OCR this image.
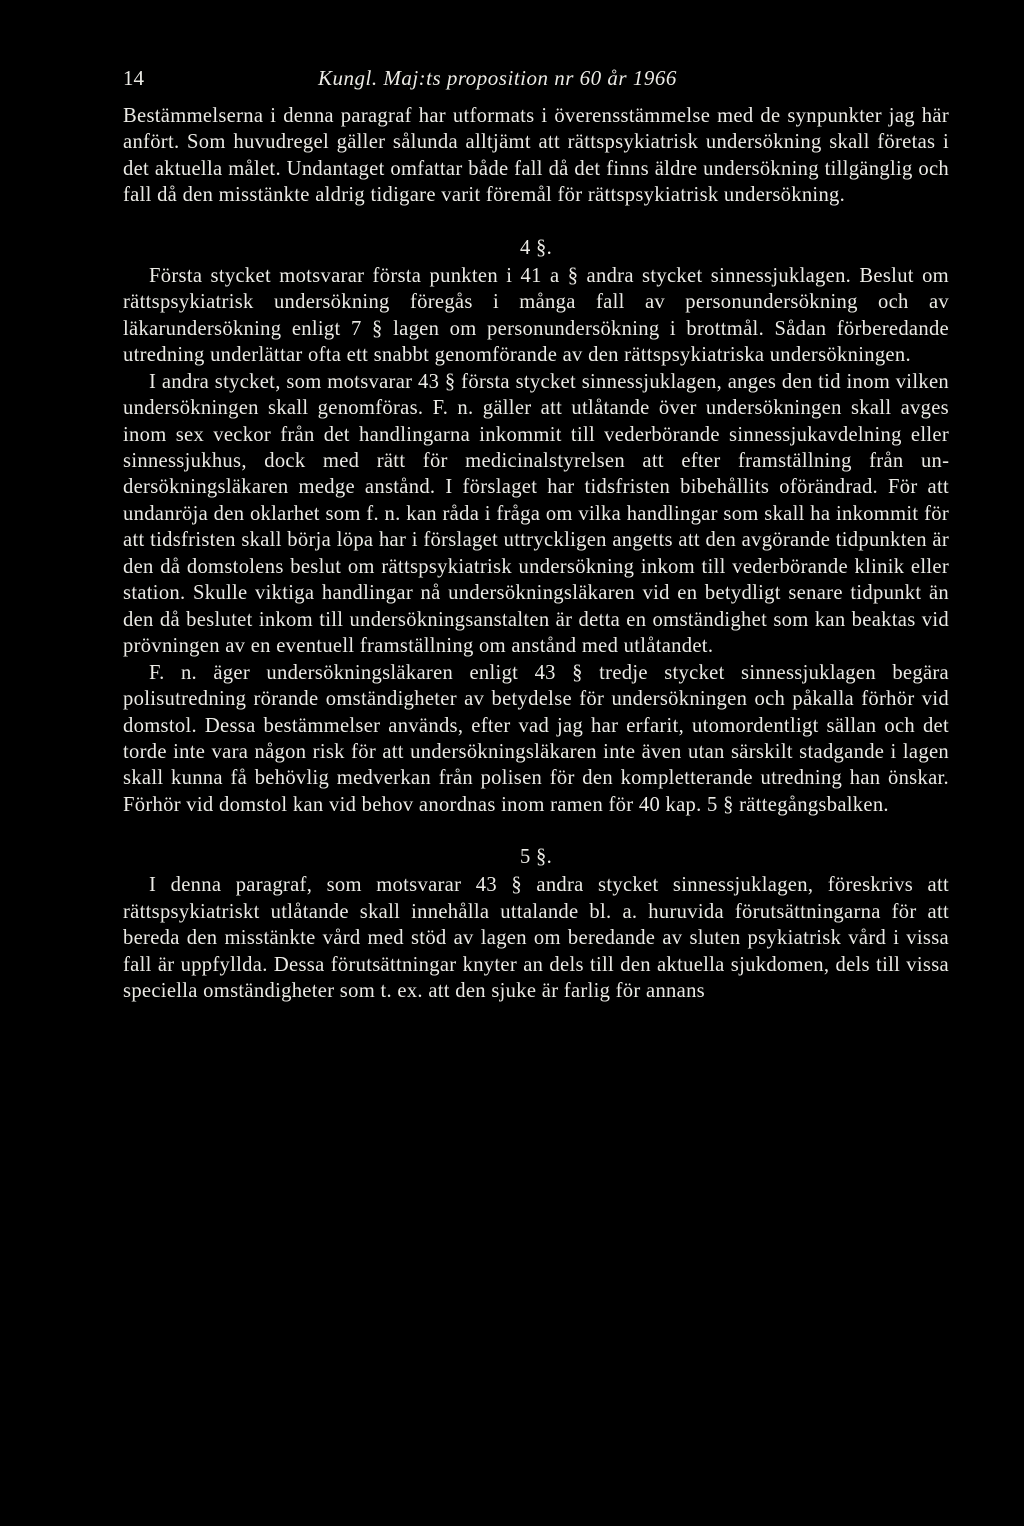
14	Kungl. Maj:ts proposition nr 60 år 1966

Bestämmelserna i denna paragraf har utformats i överensstämmelse med de synpunkter jag här anfört. Som huvudregel gäller sålunda alltjämt att rättspsykiatrisk undersökning skall företas i det aktuella målet. Undantaget omfattar både fall då det finns äldre undersökning tillgänglig och fall då den misstänkte aldrig tidigare varit föremål för rättspsykiatrisk undersökning.

4 §.

Första stycket motsvarar första punkten i 41 a § andra stycket sinnessjuklagen. Beslut om rättspsykiatrisk undersökning föregås i många fall av personundersökning och av läkarundersökning enligt 7 § lagen om personundersökning i brottmål. Sådan förberedande utredning underlättar ofta ett snabbt genomförande av den rättspsykiatriska undersökningen.

I andra stycket, som motsvarar 43 § första stycket sinnessjuklagen, anges den tid inom vilken undersökningen skall genomföras. F. n. gäller att utlåtande över undersökningen skall avges inom sex veckor från det handlingarna inkommit till vederbörande sinnessjukavdelning eller sinnessjukhus, dock med rätt för medicinalstyrelsen att efter framställning från undersökningsläkaren medge anstånd. I förslaget har tidsfristen bibehållits oförändrad. För att undanröja den oklarhet som f. n. kan råda i fråga om vilka handlingar som skall ha inkommit för att tidsfristen skall börja löpa har i förslaget uttryckligen angetts att den avgörande tidpunkten är den då domstolens beslut om rättspsykiatrisk undersökning inkom till vederbörande klinik eller station. Skulle viktiga handlingar nå undersökningsläkaren vid en betydligt senare tidpunkt än den då beslutet inkom till undersökningsanstalten är detta en omständighet som kan beaktas vid prövningen av en eventuell framställning om anstånd med utlåtandet.

F. n. äger undersökningsläkaren enligt 43 § tredje stycket sinnessjuklagen begära polisutredning rörande omständigheter av betydelse för undersökningen och påkalla förhör vid domstol. Dessa bestämmelser används, efter vad jag har erfarit, utomordentligt sällan och det torde inte vara någon risk för att undersökningsläkaren inte även utan särskilt stadgande i lagen skall kunna få behövlig medverkan från polisen för den kompletterande utredning han önskar. Förhör vid domstol kan vid behov anordnas inom ramen för 40 kap. 5 § rättegångsbalken.

5 §.

I denna paragraf, som motsvarar 43 § andra stycket sinnessjuklagen, föreskrivs att rättspsykiatriskt utlåtande skall innehålla uttalande bl. a. huruvida förutsättningarna för att bereda den misstänkte vård med stöd av lagen om beredande av sluten psykiatrisk vård i vissa fall är uppfyllda. Dessa förutsättningar knyter an dels till den aktuella sjukdomen, dels till vissa speciella omständigheter som t. ex. att den sjuke är farlig för annans
